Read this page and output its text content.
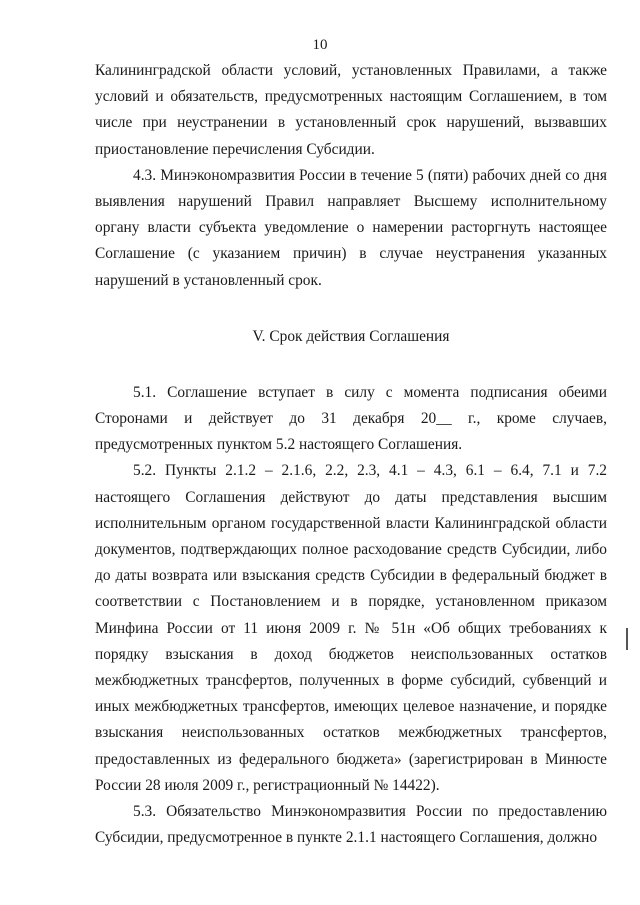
10

Калининградской области условий, установленных Правилами, а также условий и обязательств, предусмотренных настоящим Соглашением, в том числе при неустранении в установленный срок нарушений, вызвавших приостановление перечисления Субсидии.

4.3. Минэкономразвития России в течение 5 (пяти) рабочих дней со дня выявления нарушений Правил направляет Высшему исполнительному органу власти субъекта уведомление о намерении расторгнуть настоящее Соглашение (с указанием причин) в случае неустранения указанных нарушений в установленный срок.

V. Срок действия Соглашения

5.1. Соглашение вступает в силу с момента подписания обеими Сторонами и действует до 31 декабря 20__ г., кроме случаев, предусмотренных пунктом 5.2 настоящего Соглашения.

5.2. Пункты 2.1.2 – 2.1.6, 2.2, 2.3, 4.1 – 4.3, 6.1 – 6.4, 7.1 и 7.2 настоящего Соглашения действуют до даты представления высшим исполнительным органом государственной власти Калининградской области документов, подтверждающих полное расходование средств Субсидии, либо до даты возврата или взыскания средств Субсидии в федеральный бюджет в соответствии с Постановлением и в порядке, установленном приказом Минфина России от 11 июня 2009 г. № 51н «Об общих требованиях к порядку взыскания в доход бюджетов неиспользованных остатков межбюджетных трансфертов, полученных в форме субсидий, субвенций и иных межбюджетных трансфертов, имеющих целевое назначение, и порядке взыскания неиспользованных остатков межбюджетных трансфертов, предоставленных из федерального бюджета» (зарегистрирован в Минюсте России 28 июля 2009 г., регистрационный № 14422).

5.3. Обязательство Минэкономразвития России по предоставлению Субсидии, предусмотренное в пункте 2.1.1 настоящего Соглашения, должно
